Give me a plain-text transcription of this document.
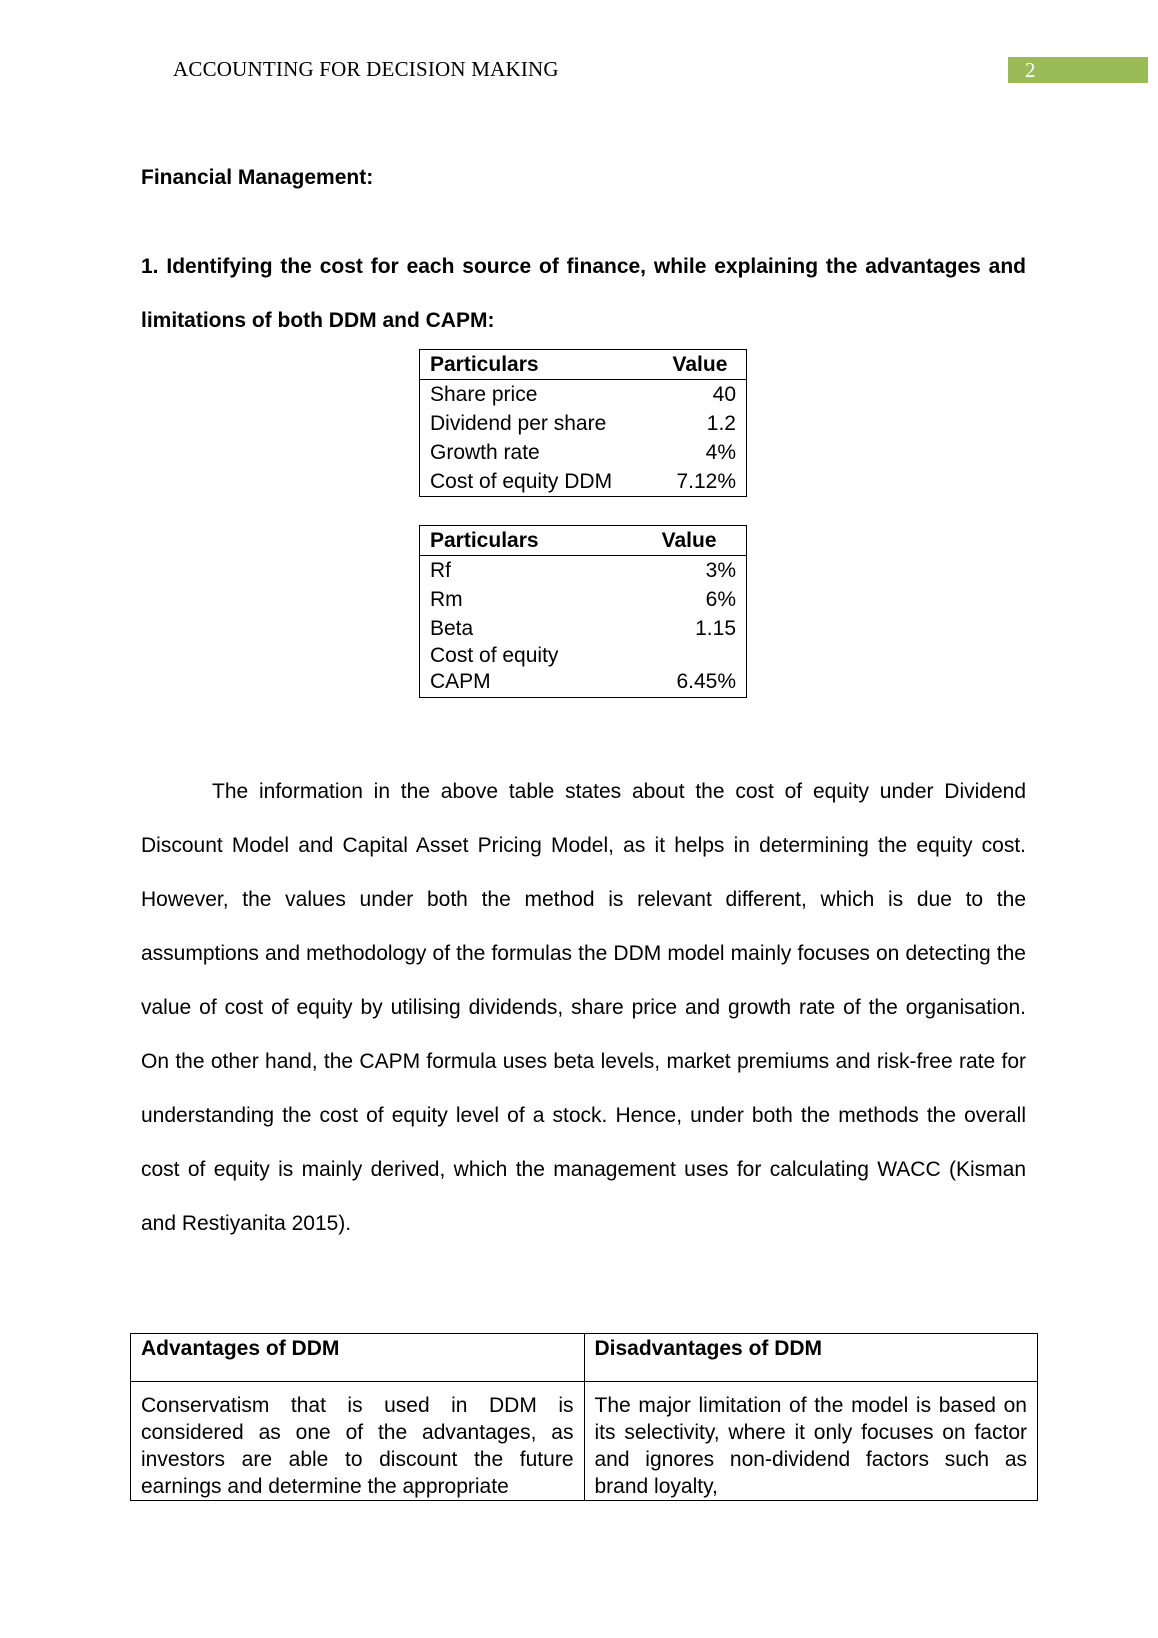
ACCOUNTING FOR DECISION MAKING	2
Financial Management:
1. Identifying the cost for each source of finance, while explaining the advantages and limitations of both DDM and CAPM:
Particulars	Value
Share price	40
Dividend per share	1.2
Growth rate	4%
Cost of equity DDM	7.12%
Particulars	Value
Rf	3%
Rm	6%
Beta	1.15
Cost of equity
CAPM	6.45%
The information in the above table states about the cost of equity under Dividend Discount Model and Capital Asset Pricing Model, as it helps in determining the equity cost. However, the values under both the method is relevant different, which is due to the assumptions and methodology of the formulas the DDM model mainly focuses on detecting the value of cost of equity by utilising dividends, share price and growth rate of the organisation. On the other hand, the CAPM formula uses beta levels, market premiums and risk-free rate for understanding the cost of equity level of a stock. Hence, under both the methods the overall cost of equity is mainly derived, which the management uses for calculating WACC (Kisman and Restiyanita 2015).
Advantages of DDM	Disadvantages of DDM
Conservatism that is used in DDM is considered as one of the advantages, as investors are able to discount the future earnings and determine the appropriate	The major limitation of the model is based on its selectivity, where it only focuses on factor and ignores non-dividend factors such as brand loyalty,
